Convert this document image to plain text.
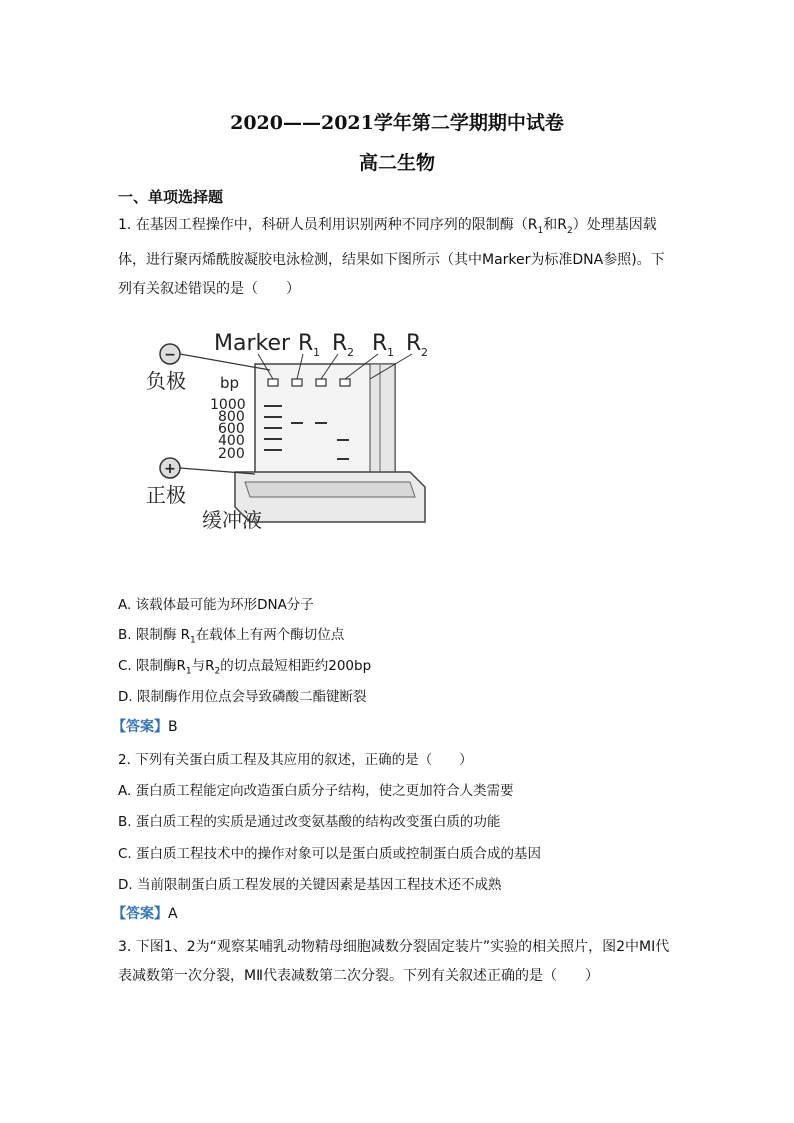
2020——2021学年第二学期期中试卷
高二生物
一、单项选择题
1. 在基因工程操作中，科研人员利用识别两种不同序列的限制酶（$R_1$和$R_2$）处理基因载体，进行聚丙烯酰胺凝胶电泳检测，结果如下图所示（其中Marker为标准DNA参照)。下列有关叙述错误的是（　　）
−
+
负极
正极
缓冲液
bp
1000
800
600
400
200
Marker R 1 R 2 R 1 R 2
A. 该载体最可能为环形DNA分子
B. 限制酶 $R_1$在载体上有两个酶切位点
C. 限制酶$R_1$与$R_2$的切点最短相距约200bp
D. 限制酶作用位点会导致磷酸二酯键断裂
【答案】B
2. 下列有关蛋白质工程及其应用的叙述，正确的是（　　）
A. 蛋白质工程能定向改造蛋白质分子结构，使之更加符合人类需要
B. 蛋白质工程的实质是通过改变氨基酸的结构改变蛋白质的功能
C. 蛋白质工程技术中的操作对象可以是蛋白质或控制蛋白质合成的基因
D. 当前限制蛋白质工程发展的关键因素是基因工程技术还不成熟
【答案】A
3. 下图1、2为“观察某哺乳动物精母细胞减数分裂固定装片”实验的相关照片，图2中MⅠ代表减数第一次分裂，MⅡ代表减数第二次分裂。下列有关叙述正确的是（　　）
